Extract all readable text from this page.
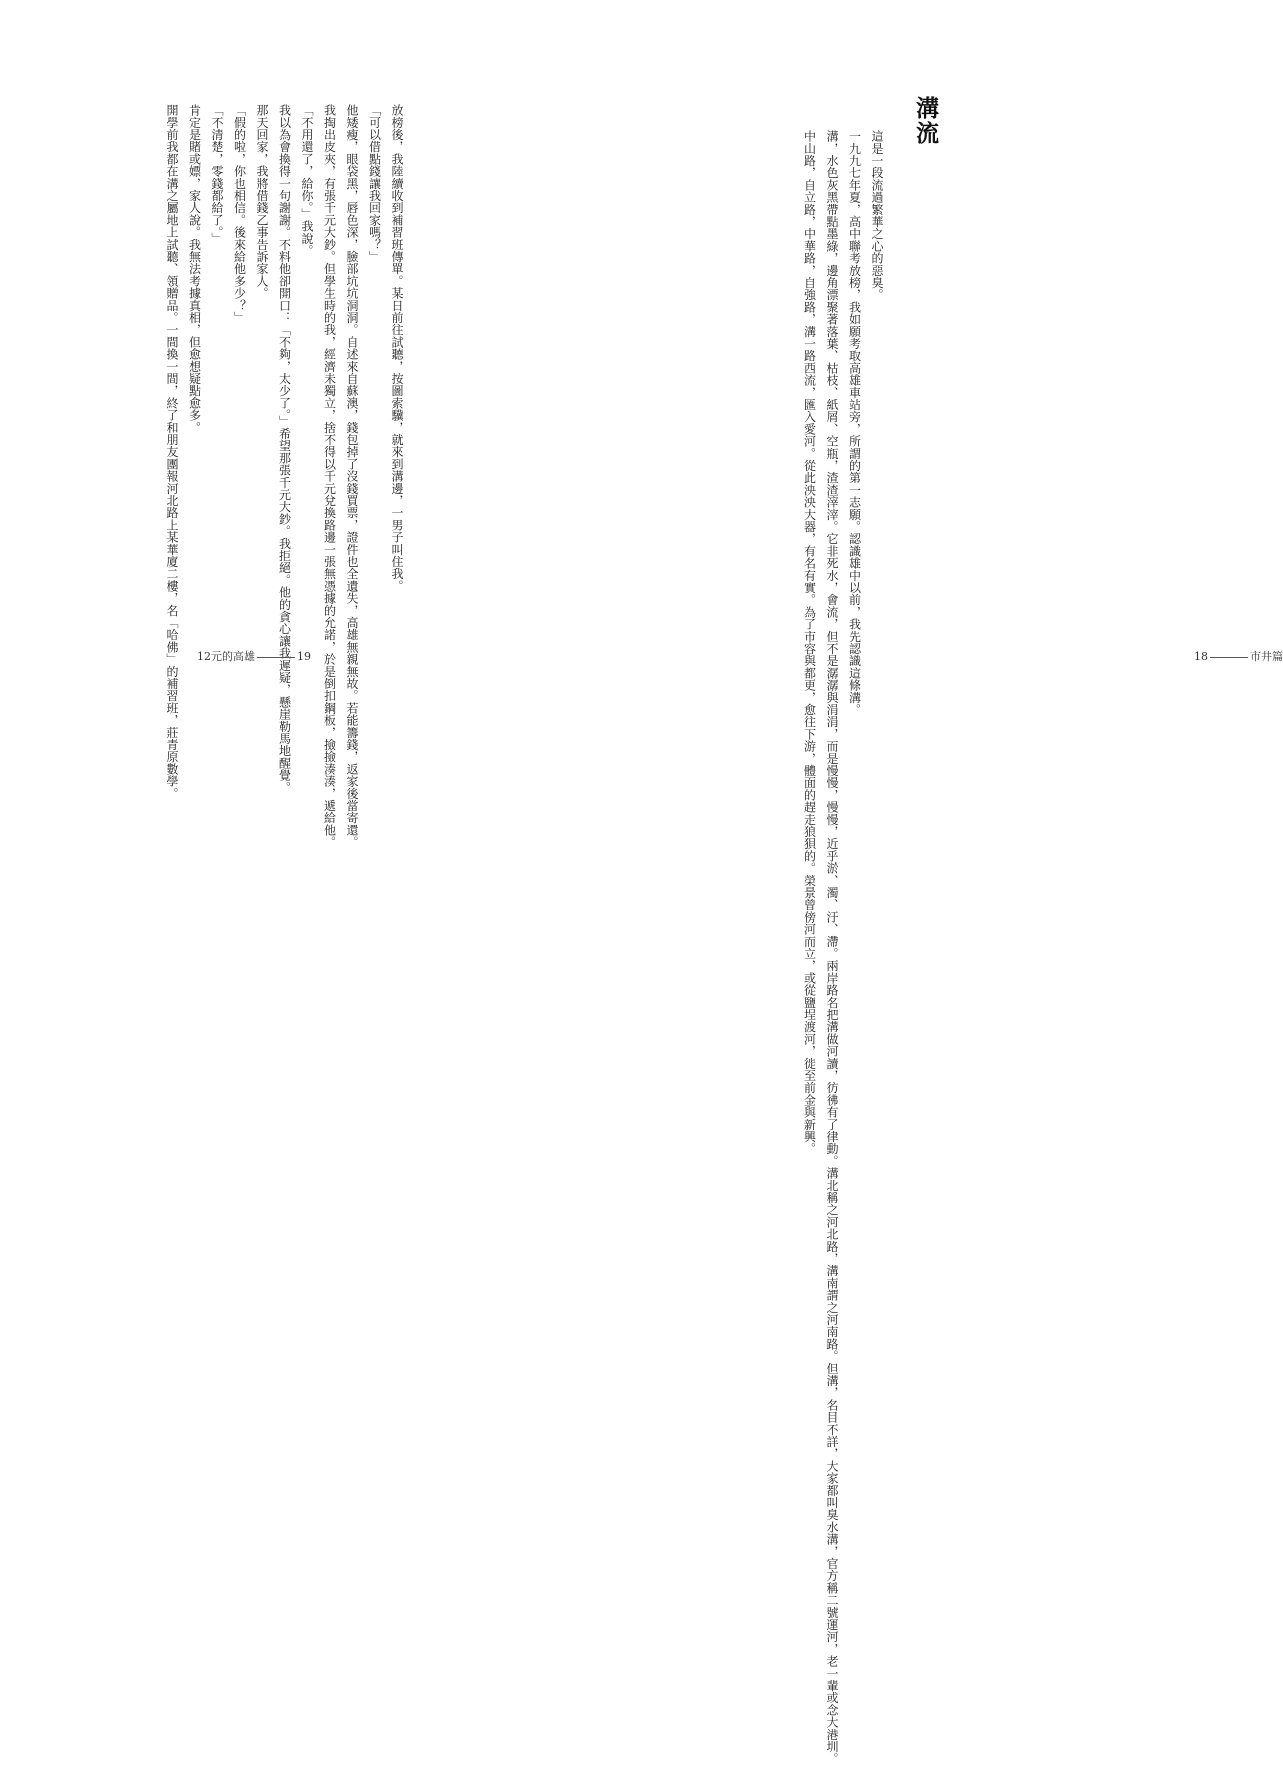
放榜後，我陸續收到補習班傳單。某日前往試聽，按圖索驥，就來到溝邊，一男子叫住我。

「可以借點錢讓我回家嗎？」

他矮瘦，眼袋黑，唇色深，臉部坑坑洞洞。自述來自蘇澳，錢包掉了沒錢買票，證件也全遺失，高雄無親無故。若能籌錢，返家後當寄還。

我掏出皮夾，有張千元大鈔。但學生時的我，經濟未獨立，捨不得以千元兌換路邊一張無憑據的允諾，於是倒扣鋼板，撿撿湊湊，遞給他。

「不用還了，給你。」我說。

我以為會換得一句謝謝。不料他卻開口：「不夠，太少了。」希望那張千元大鈔。我拒絕。他的貪心讓我遲疑，懸崖勒馬地醒覺。

那天回家，我將借錢乙事告訴家人。

「假的啦，你也相信。後來給他多少？」

「不清楚，零錢都給了。」

肯定是賭或嫖，家人說。我無法考據真相，但愈想疑點愈多。

開學前我都在溝之屬地上試聽、領贈品。一間換一間，終了和朋友團報河北路上某華廈二樓，名「哈佛」的補習班，莊青原數學。	12元的高雄	19
溝流

這是一段流過繁華之心的惡臭。

一九九七年夏，高中聯考放榜，我如願考取高雄車站旁，所謂的第一志願。認識雄中以前，我先認識這條溝。

溝，水色灰黑帶點墨綠，邊角漂聚著落葉、枯枝、紙屑、空瓶，渣渣滓滓。它非死水，會流，但不是潺潺與涓涓，而是慢慢，慢慢，近乎淤、濁、汙、滯。兩岸路名把溝做河讀，彷彿有了律動。溝北稱之河北路，溝南謂之河南路。但溝，名目不詳，大家都叫臭水溝，官方稱二號運河，老一輩或念大港圳。

中山路，自立路，中華路，自強路，溝一路西流，匯入愛河。從此泱泱大器，有名有實。為了市容與都更，愈往下游，體面的趕走狼狽的。榮景曾傍河而立，或從鹽埕渡河，徙至前金與新興。	18	市井篇
